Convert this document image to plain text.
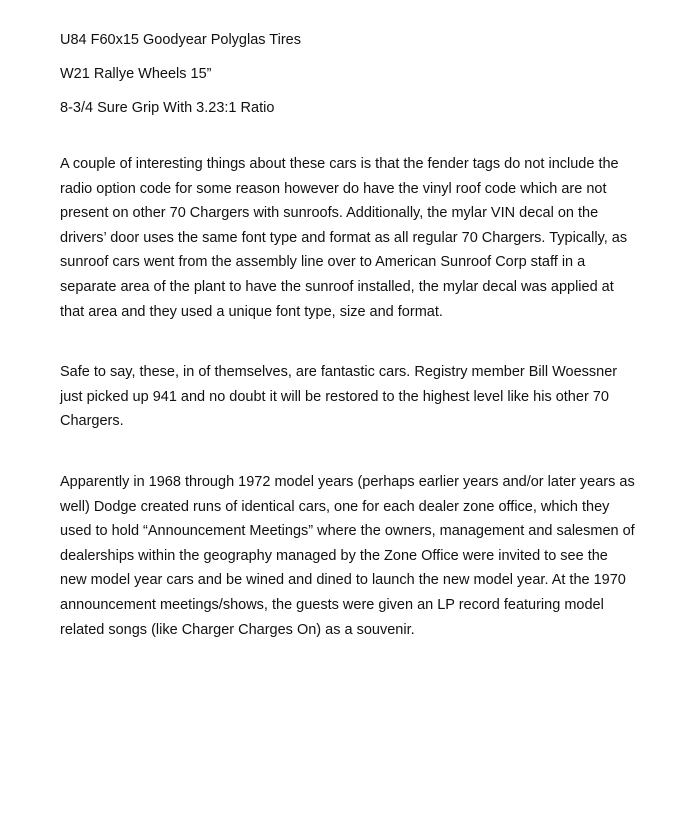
U84 F60x15 Goodyear Polyglas Tires
W21 Rallye Wheels 15”
8-3/4 Sure Grip With 3.23:1 Ratio

A couple of interesting things about these cars is that the fender tags do not include the radio option code for some reason however do have the vinyl roof code which are not present on other 70 Chargers with sunroofs. Additionally, the mylar VIN decal on the drivers’ door uses the same font type and format as all regular 70 Chargers. Typically, as sunroof cars went from the assembly line over to American Sunroof Corp staff in a separate area of the plant to have the sunroof installed, the mylar decal was applied at that area and they used a unique font type, size and format.

Safe to say, these, in of themselves, are fantastic cars. Registry member Bill Woessner just picked up 941 and no doubt it will be restored to the highest level like his other 70 Chargers.

Apparently in 1968 through 1972 model years (perhaps earlier years and/or later years as well) Dodge created runs of identical cars, one for each dealer zone office, which they used to hold “Announcement Meetings” where the owners, management and salesmen of dealerships within the geography managed by the Zone Office were invited to see the new model year cars and be wined and dined to launch the new model year. At the 1970 announcement meetings/shows, the guests were given an LP record featuring model related songs (like Charger Charges On) as a souvenir.
